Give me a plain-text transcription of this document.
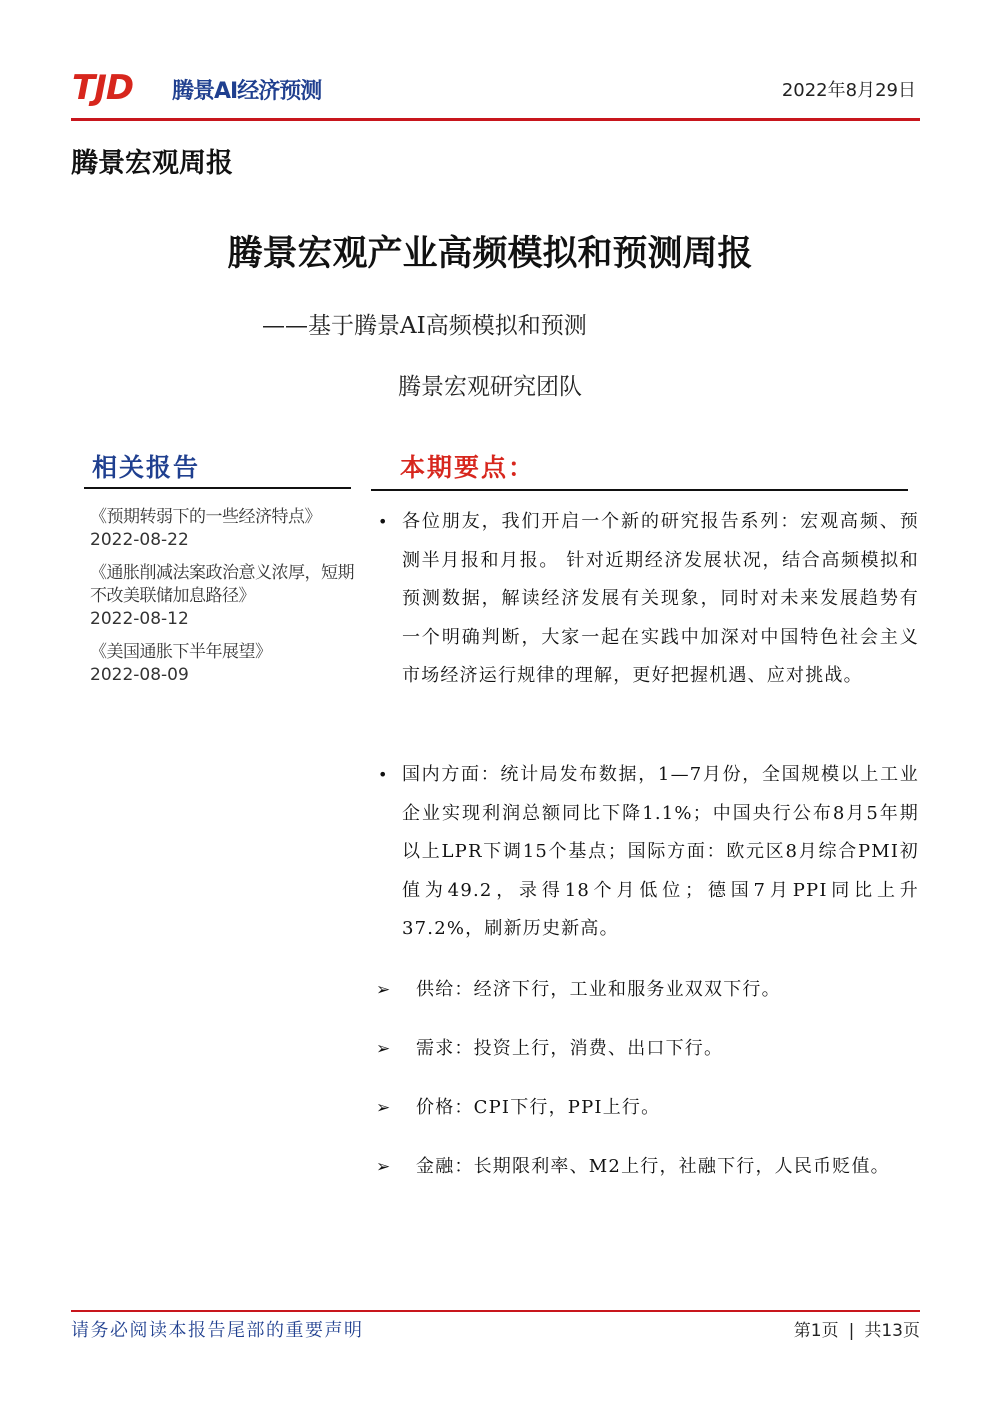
T J D 腾景AI经济预测	2022年8月29日
腾景宏观周报
腾景宏观产业高频模拟和预测周报
——基于腾景AI高频模拟和预测
腾景宏观研究团队
相关报告
《预期转弱下的一些经济特点》
2022-08-22
《通胀削减法案政治意义浓厚，短期不改美联储加息路径》
2022-08-12
《美国通胀下半年展望》
2022-08-09
本期要点：
• 各位朋友，我们开启一个新的研究报告系列：宏观高频、预测半月报和月报。 针对近期经济发展状况，结合高频模拟和预测数据，解读经济发展有关现象，同时对未来发展趋势有一个明确判断，大家一起在实践中加深对中国特色社会主义市场经济运行规律的理解，更好把握机遇、应对挑战。
• 国内方面：统计局发布数据，1—7月份，全国规模以上工业企业实现利润总额同比下降1.1%；中国央行公布8月5年期以上LPR下调15个基点；国际方面：欧元区8月综合PMI初值为49.2，录得18个月低位；德国7月PPI同比上升37.2%，刷新历史新高。
➢ 供给：经济下行，工业和服务业双双下行。
➢ 需求：投资上行，消费、出口下行。
➢ 价格：CPI下行，PPI上行。
➢ 金融：长期限利率、M2上行，社融下行，人民币贬值。
请务必阅读本报告尾部的重要声明	第1页 | 共13页
